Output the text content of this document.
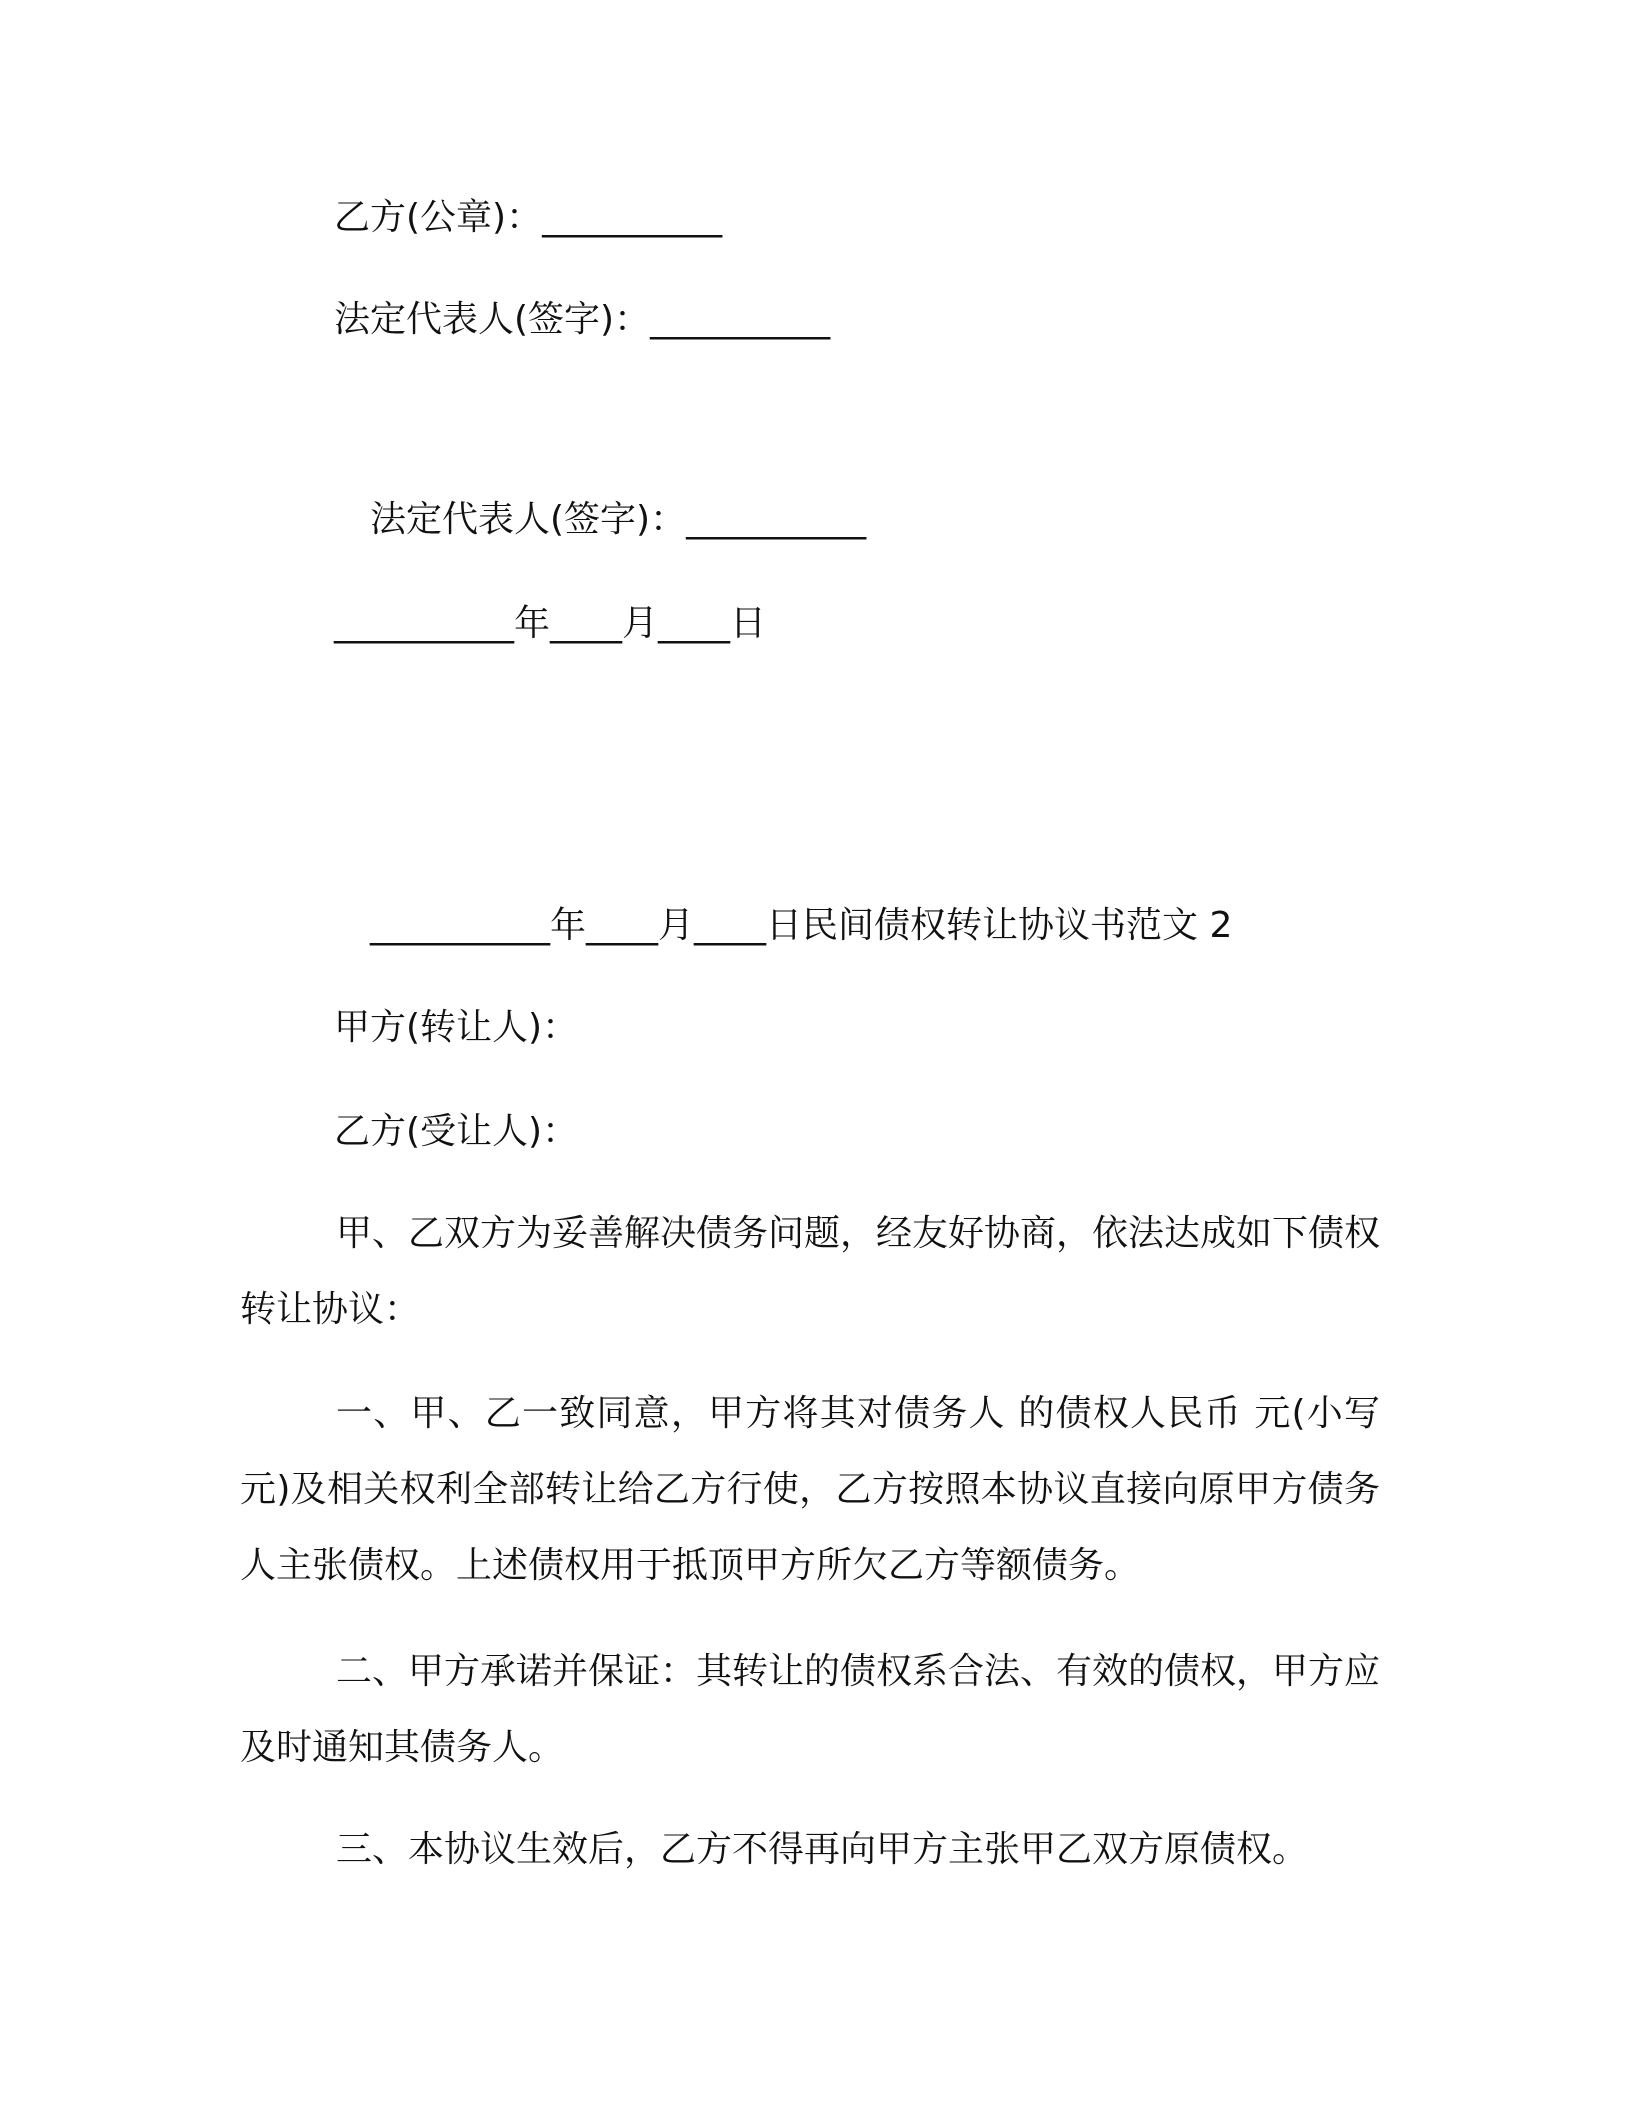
乙方(公章)：__________
法定代表人(签字)：__________
法定代表人(签字)：__________
__________年____月____日
__________年____月____日民间债权转让协议书范文 2
甲方(转让人)：
乙方(受让人)：
甲、乙双方为妥善解决债务问题，经友好协商，依法达成如下债权转让协议：
一、甲、乙一致同意，甲方将其对债务人 的债权人民币 元(小写 元)及相关权利全部转让给乙方行使，乙方按照本协议直接向原甲方债务人主张债权。上述债权用于抵顶甲方所欠乙方等额债务。
二、甲方承诺并保证：其转让的债权系合法、有效的债权，甲方应及时通知其债务人。
三、本协议生效后，乙方不得再向甲方主张甲乙双方原债权。
